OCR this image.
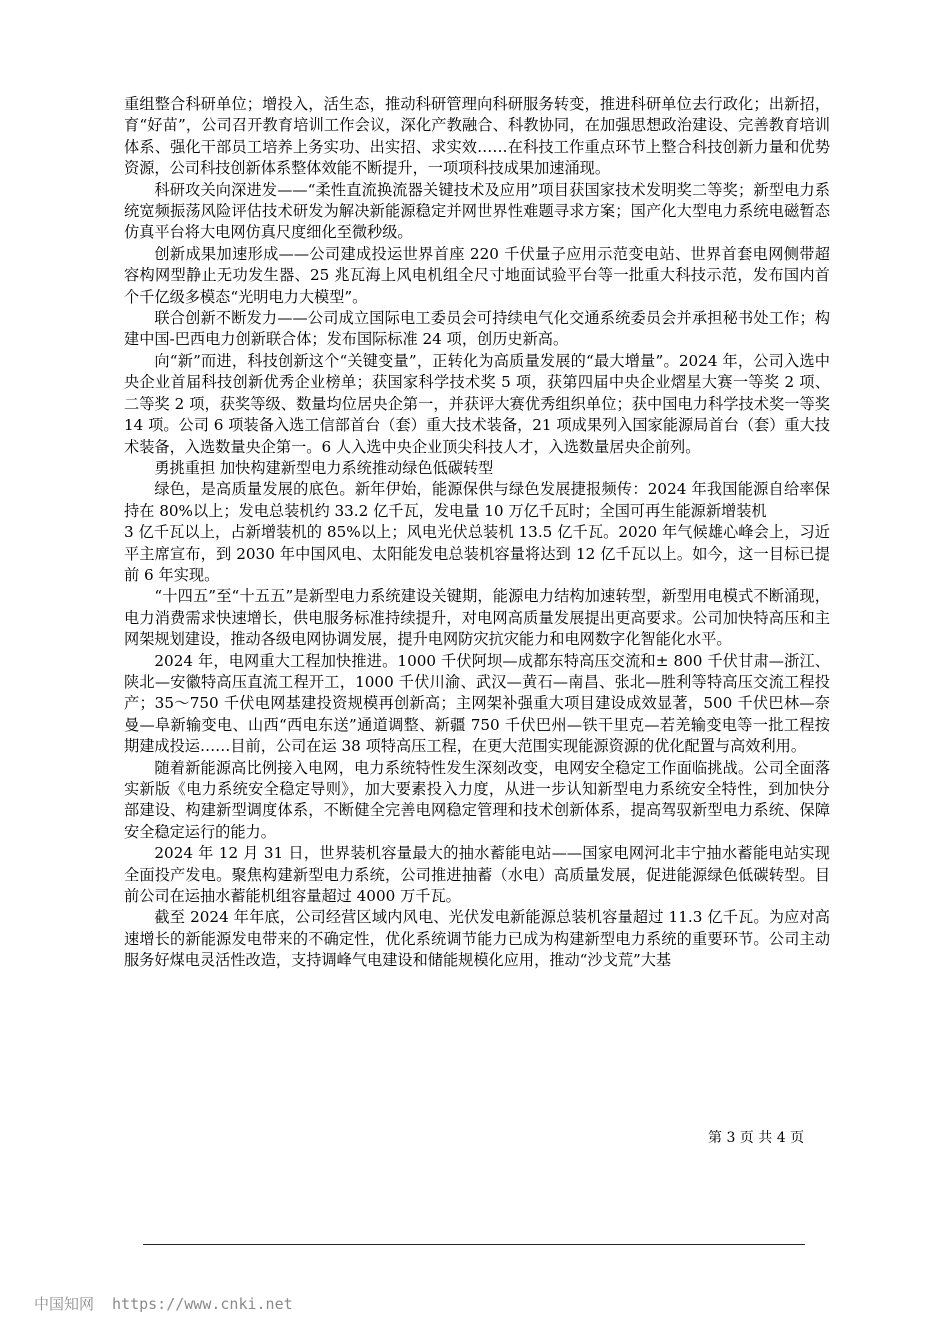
重组整合科研单位；增投入，活生态，推动科研管理向科研服务转变，推进科研单位去行政化；出新招，育“好苗”，公司召开教育培训工作会议，深化产教融合、科教协同，在加强思想政治建设、完善教育培训体系、强化干部员工培养上务实功、出实招、求实效……在科技工作重点环节上整合科技创新力量和优势资源，公司科技创新体系整体效能不断提升，一项项科技成果加速涌现。

科研攻关向深进发——“柔性直流换流器关键技术及应用”项目获国家技术发明奖二等奖；新型电力系统宽频振荡风险评估技术研发为解决新能源稳定并网世界性难题寻求方案；国产化大型电力系统电磁暂态仿真平台将大电网仿真尺度细化至微秒级。

创新成果加速形成——公司建成投运世界首座 220 千伏量子应用示范变电站、世界首套电网侧带超容构网型静止无功发生器、25 兆瓦海上风电机组全尺寸地面试验平台等一批重大科技示范，发布国内首个千亿级多模态“光明电力大模型”。

联合创新不断发力——公司成立国际电工委员会可持续电气化交通系统委员会并承担秘书处工作；构建中国-巴西电力创新联合体；发布国际标准 24 项，创历史新高。

向“新”而进，科技创新这个“关键变量”，正转化为高质量发展的“最大增量”。2024 年，公司入选中央企业首届科技创新优秀企业榜单；获国家科学技术奖 5 项，获第四届中央企业熠星大赛一等奖 2 项、二等奖 2 项，获奖等级、数量均位居央企第一，并获评大赛优秀组织单位；获中国电力科学技术奖一等奖 14 项。公司 6 项装备入选工信部首台（套）重大技术装备，21 项成果列入国家能源局首台（套）重大技术装备，入选数量央企第一。6 人入选中央企业顶尖科技人才，入选数量居央企前列。

勇挑重担 加快构建新型电力系统推动绿色低碳转型

绿色，是高质量发展的底色。新年伊始，能源保供与绿色发展捷报频传：2024 年我国能源自给率保持在 80%以上；发电总装机约 33.2 亿千瓦，发电量 10 万亿千瓦时；全国可再生能源新增装机

3 亿千瓦以上，占新增装机的 85%以上；风电光伏总装机 13.5 亿千瓦。2020 年气候雄心峰会上，习近平主席宣布，到 2030 年中国风电、太阳能发电总装机容量将达到 12 亿千瓦以上。如今，这一目标已提前 6 年实现。

“十四五”至“十五五”是新型电力系统建设关键期，能源电力结构加速转型，新型用电模式不断涌现，电力消费需求快速增长，供电服务标准持续提升，对电网高质量发展提出更高要求。公司加快特高压和主网架规划建设，推动各级电网协调发展，提升电网防灾抗灾能力和电网数字化智能化水平。

2024 年，电网重大工程加快推进。1000 千伏阿坝—成都东特高压交流和± 800 千伏甘肃—浙江、陕北—安徽特高压直流工程开工，1000 千伏川渝、武汉—黄石—南昌、张北—胜利等特高压交流工程投产；35～750 千伏电网基建投资规模再创新高；主网架补强重大项目建设成效显著，500 千伏巴林—奈曼—阜新输变电、山西“西电东送”通道调整、新疆 750 千伏巴州—铁干里克—若羌输变电等一批工程按期建成投运……目前，公司在运 38 项特高压工程，在更大范围实现能源资源的优化配置与高效利用。

随着新能源高比例接入电网，电力系统特性发生深刻改变，电网安全稳定工作面临挑战。公司全面落实新版《电力系统安全稳定导则》，加大要素投入力度，从进一步认知新型电力系统安全特性，到加快分部建设、构建新型调度体系，不断健全完善电网稳定管理和技术创新体系，提高驾驭新型电力系统、保障安全稳定运行的能力。

2024 年 12 月 31 日，世界装机容量最大的抽水蓄能电站——国家电网河北丰宁抽水蓄能电站实现全面投产发电。聚焦构建新型电力系统，公司推进抽蓄（水电）高质量发展，促进能源绿色低碳转型。目前公司在运抽水蓄能机组容量超过 4000 万千瓦。

截至 2024 年年底，公司经营区域内风电、光伏发电新能源总装机容量超过 11.3 亿千瓦。为应对高速增长的新能源发电带来的不确定性，优化系统调节能力已成为构建新型电力系统的重要环节。公司主动服务好煤电灵活性改造，支持调峰气电建设和储能规模化应用，推动“沙戈荒”大基

第 3 页 共 4 页
中国知网 https://www.cnki.net
